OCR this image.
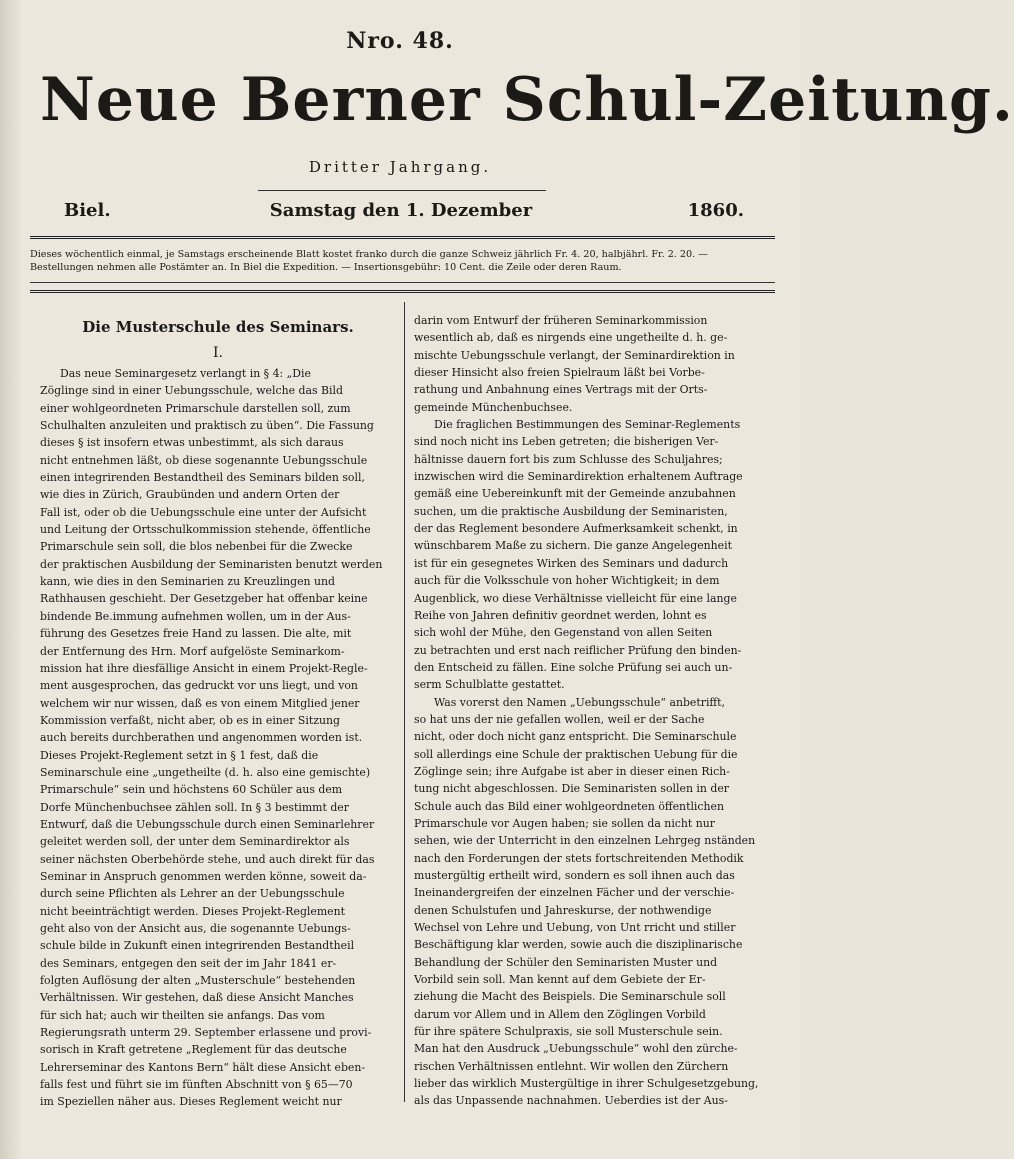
Nro. 48.
Neue Berner Schul-Zeitung.
Dritter Jahrgang.
Biel.	Samstag den 1. Dezember	1860.
Dieses wöchentlich einmal, je Samstags erscheinende Blatt kostet franko durch die ganze Schweiz jährlich Fr. 4. 20, halbjährl. Fr. 2. 20. —
Bestellungen nehmen alle Postämter an. In Biel die Expedition. — Insertionsgebühr: 10 Cent. die Zeile oder deren Raum.
Die Musterschule des Seminars.
I.
Das neue Seminargesetz verlangt in § 4: „Die
Zöglinge sind in einer Uebungsschule, welche das Bild
einer wohlgeordneten Primarschule darstellen soll, zum
Schulhalten anzuleiten und praktisch zu üben“. Die Fassung
dieses § ist insofern etwas unbestimmt, als sich daraus
nicht entnehmen läßt, ob diese sogenannte Uebungsschule
einen integrirenden Bestandtheil des Seminars bilden soll,
wie dies in Zürich, Graubünden und andern Orten der
Fall ist, oder ob die Uebungsschule eine unter der Aufsicht
und Leitung der Ortsschulkommission stehende, öffentliche
Primarschule sein soll, die blos nebenbei für die Zwecke
der praktischen Ausbildung der Seminaristen benutzt werden
kann, wie dies in den Seminarien zu Kreuzlingen und
Rathhausen geschieht. Der Gesetzgeber hat offenbar keine
bindende Be.immung aufnehmen wollen, um in der Aus-
führung des Gesetzes freie Hand zu lassen. Die alte, mit
der Entfernung des Hrn. Morf aufgelöste Seminarkom-
mission hat ihre diesfällige Ansicht in einem Projekt-Regle-
ment ausgesprochen, das gedruckt vor uns liegt, und von
welchem wir nur wissen, daß es von einem Mitglied jener
Kommission verfaßt, nicht aber, ob es in einer Sitzung
auch bereits durchberathen und angenommen worden ist.
Dieses Projekt-Reglement setzt in § 1 fest, daß die
Seminarschule eine „ungetheilte (d. h. also eine gemischte)
Primarschule“ sein und höchstens 60 Schüler aus dem
Dorfe Münchenbuchsee zählen soll. In § 3 bestimmt der
Entwurf, daß die Uebungsschule durch einen Seminarlehrer
geleitet werden soll, der unter dem Seminardirektor als
seiner nächsten Oberbehörde stehe, und auch direkt für das
Seminar in Anspruch genommen werden könne, soweit da-
durch seine Pflichten als Lehrer an der Uebungsschule
nicht beeinträchtigt werden. Dieses Projekt-Reglement
geht also von der Ansicht aus, die sogenannte Uebungs-
schule bilde in Zukunft einen integrirenden Bestandtheil
des Seminars, entgegen den seit der im Jahr 1841 er-
folgten Auflösung der alten „Musterschule“ bestehenden
Verhältnissen. Wir gestehen, daß diese Ansicht Manches
für sich hat; auch wir theilten sie anfangs. Das vom
Regierungsrath unterm 29. September erlassene und provi-
sorisch in Kraft getretene „Reglement für das deutsche
Lehrerseminar des Kantons Bern“ hält diese Ansicht eben-
falls fest und führt sie im fünften Abschnitt von § 65—70
im Speziellen näher aus. Dieses Reglement weicht nur
darin vom Entwurf der früheren Seminarkommission
wesentlich ab, daß es nirgends eine ungetheilte d. h. ge-
mischte Uebungsschule verlangt, der Seminardirektion in
dieser Hinsicht also freien Spielraum läßt bei Vorbe-
rathung und Anbahnung eines Vertrags mit der Orts-
gemeinde Münchenbuchsee.
Die fraglichen Bestimmungen des Seminar-Reglements
sind noch nicht ins Leben getreten; die bisherigen Ver-
hältnisse dauern fort bis zum Schlusse des Schuljahres;
inzwischen wird die Seminardirektion erhaltenem Auftrage
gemäß eine Uebereinkunft mit der Gemeinde anzubahnen
suchen, um die praktische Ausbildung der Seminaristen,
der das Reglement besondere Aufmerksamkeit schenkt, in
wünschbarem Maße zu sichern. Die ganze Angelegenheit
ist für ein gesegnetes Wirken des Seminars und dadurch
auch für die Volksschule von hoher Wichtigkeit; in dem
Augenblick, wo diese Verhältnisse vielleicht für eine lange
Reihe von Jahren definitiv geordnet werden, lohnt es
sich wohl der Mühe, den Gegenstand von allen Seiten
zu betrachten und erst nach reiflicher Prüfung den binden-
den Entscheid zu fällen. Eine solche Prüfung sei auch un-
serm Schulblatte gestattet.
Was vorerst den Namen „Uebungsschule“ anbetrifft,
so hat uns der nie gefallen wollen, weil er der Sache
nicht, oder doch nicht ganz entspricht. Die Seminarschule
soll allerdings eine Schule der praktischen Uebung für die
Zöglinge sein; ihre Aufgabe ist aber in dieser einen Rich-
tung nicht abgeschlossen. Die Seminaristen sollen in der
Schule auch das Bild einer wohlgeordneten öffentlichen
Primarschule vor Augen haben; sie sollen da nicht nur
sehen, wie der Unterricht in den einzelnen Lehrgeg nständen
nach den Forderungen der stets fortschreitenden Methodik
mustergültig ertheilt wird, sondern es soll ihnen auch das
Ineinandergreifen der einzelnen Fächer und der verschie-
denen Schulstufen und Jahreskurse, der nothwendige
Wechsel von Lehre und Uebung, von Unt rricht und stiller
Beschäftigung klar werden, sowie auch die disziplinarische
Behandlung der Schüler den Seminaristen Muster und
Vorbild sein soll. Man kennt auf dem Gebiete der Er-
ziehung die Macht des Beispiels. Die Seminarschule soll
darum vor Allem und in Allem den Zöglingen Vorbild
für ihre spätere Schulpraxis, sie soll Musterschule sein.
Man hat den Ausdruck „Uebungsschule“ wohl den zürche-
rischen Verhältnissen entlehnt. Wir wollen den Zürchern
lieber das wirklich Mustergültige in ihrer Schulgesetzgebung,
als das Unpassende nachnahmen. Ueberdies ist der Aus-
